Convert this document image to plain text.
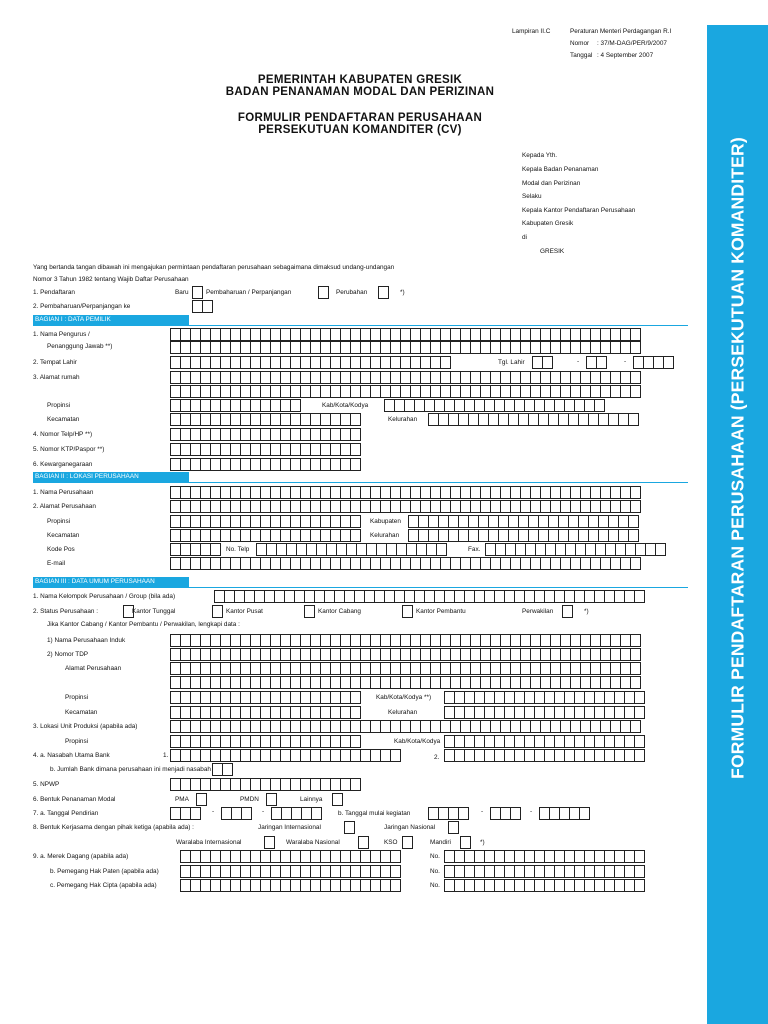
Lampiran II.C	Peraturan Menteri Perdagangan R.I
Nomor : 37/M-DAG/PER/9/2007
Tanggal : 4 September 2007
PEMERINTAH KABUPATEN GRESIK
BADAN PENANAMAN MODAL DAN PERIZINAN
FORMULIR PENDAFTARAN PERUSAHAAN
PERSEKUTUAN KOMANDITER (CV)
FORMULIR PENDAFTARAN PERUSAHAAN (PERSEKUTUAN KOMANDITER)
Kepada Yth.
Kepala Badan Penanaman
Modal dan Perizinan
Selaku
Kepala Kantor Pendaftaran Perusahaan
Kabupaten Gresik
di
GRESIK
Yang bertanda tangan dibawah ini mengajukan permintaan pendaftaran perusahaan sebagaimana dimaksud undang-undangan
Nomor 3 Tahun 1982 tentang Wajib Daftar Perusahaan
1. Pendaftaran	Baru	Pembaharuan / Perpanjangan	Perubahan	*)
2. Pembaharuan/Perpanjangan ke
BAGIAN I : DATA PEMILIK
1. Nama Pengurus /
Penanggung Jawab **)
2. Tempat Lahir	Tgl. Lahir	-	-
3. Alamat rumah
Propinsi	Kab/Kota/Kodya
Kecamatan	Kelurahan
4. Nomor Telp/HP **)
5. Nomor KTP/Paspor **)
6. Kewarganegaraan
BAGIAN II : LOKASI PERUSAHAAN
1. Nama Perusahaan
2. Alamat Perusahaan
Propinsi	Kabupaten
Kecamatan	Kelurahan
Kode Pos	No. Telp	Fax.
E-mail
BAGIAN III : DATA UMUM PERUSAHAAN
1. Nama Kelompok Perusahaan / Group (bila ada)
2. Status Perusahaan :	Kantor Tunggal	Kantor Pusat	Kantor Cabang	Kantor Pembantu	Perwakilan	*)
Jika Kantor Cabang / Kantor Pembantu / Perwakilan, lengkapi data :
1) Nama Perusahaan Induk
2) Nomor TDP
Alamat Perusahaan
Propinsi	Kab/Kota/Kodya **)
Kecamatan	Kelurahan
3. Lokasi Unit Produksi (apabila ada)
Propinsi	Kab/Kota/Kodya
4. a. Nasabah Utama Bank	1.	2.
b. Jumlah Bank dimana perusahaan ini menjadi nasabah
5. NPWP
6. Bentuk Penanaman Modal	PMA	PMDN	Lainnya
7. a. Tanggal Pendirian	-	-	b. Tanggal mulai kegiatan	-	-
8. Bentuk Kerjasama dengan pihak ketiga (apabila ada) :	Jaringan Internasional	Jaringan Nasional
Waralaba Internasional	Waralaba Nasional	KSO	Mandiri	*)
9. a. Merek Dagang (apabila ada)	No.
b. Pemegang Hak Paten (apabila ada)	No.
c. Pemegang Hak Cipta (apabila ada)	No.
